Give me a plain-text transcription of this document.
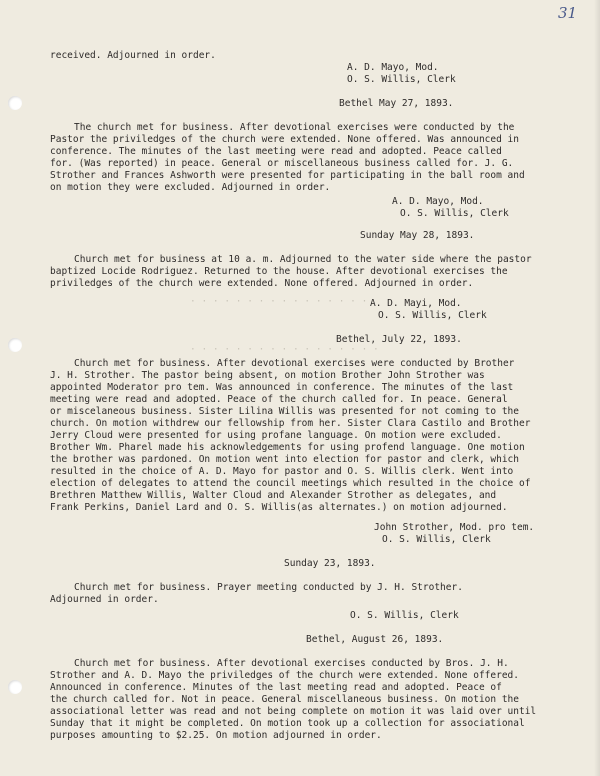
31
· · · · · · · · · · · · · · · ·
· · · · · · · · · · · · · · · · ·
received. Adjourned in order.
A. D. Mayo, Mod.
O. S. Willis, Clerk
Bethel May 27, 1893.
The church met for business. After devotional exercises were conducted by the
Pastor the priviledges of the church were extended. None offered. Was announced in
conference. The minutes of the last meeting were read and adopted. Peace called
for. (Was reported) in peace. General or miscellaneous business called for. J. G.
Strother and Frances Ashworth were presented for participating in the ball room and
on motion they were excluded. Adjourned in order.
A. D. Mayo, Mod.
O. S. Willis, Clerk
Sunday May 28, 1893.
Church met for business at 10 a. m. Adjourned to the water side where the pastor
baptized Locide Rodriguez. Returned to the house. After devotional exercises the
priviledges of the church were extended. None offered. Adjourned in order.
A. D. Mayi, Mod.
O. S. Willis, Clerk
Bethel, July 22, 1893.
Church met for business. After devotional exercises were conducted by Brother
J. H. Strother. The pastor being absent, on motion Brother John Strother was
appointed Moderator pro tem. Was announced in conference. The minutes of the last
meeting were read and adopted. Peace of the church called for. In peace. General
or miscelaneous business. Sister Lilina Willis was presented for not coming to the
church. On motion withdrew our fellowship from her. Sister Clara Castilo and Brother
Jerry Cloud were presented for using profane language. On motion were excluded.
Brother Wm. Pharel made his acknowledgements for using profend language. One motion
the brother was pardoned. On motion went into election for pastor and clerk, which
resulted in the choice of A. D. Mayo for pastor and O. S. Willis clerk. Went into
election of delegates to attend the council meetings which resulted in the choice of
Brethren Matthew Willis, Walter Cloud and Alexander Strother as delegates, and
Frank Perkins, Daniel Lard and O. S. Willis(as alternates.) on motion adjourned.
John Strother, Mod. pro tem.
O. S. Willis, Clerk
Sunday 23, 1893.
Church met for business. Prayer meeting conducted by J. H. Strother.
Adjourned in order.
O. S. Willis, Clerk
Bethel, August 26, 1893.
Church met for business. After devotional exercises conducted by Bros. J. H.
Strother and A. D. Mayo the priviledges of the church were extended. None offered.
Announced in conference. Minutes of the last meeting read and adopted. Peace of
the church called for. Not in peace. General miscellaneous business. On motion the
associational letter was read and not being complete on motion it was laid over until
Sunday that it might be completed. On motion took up a collection for associational
purposes amounting to $2.25. On motion adjourned in order.
